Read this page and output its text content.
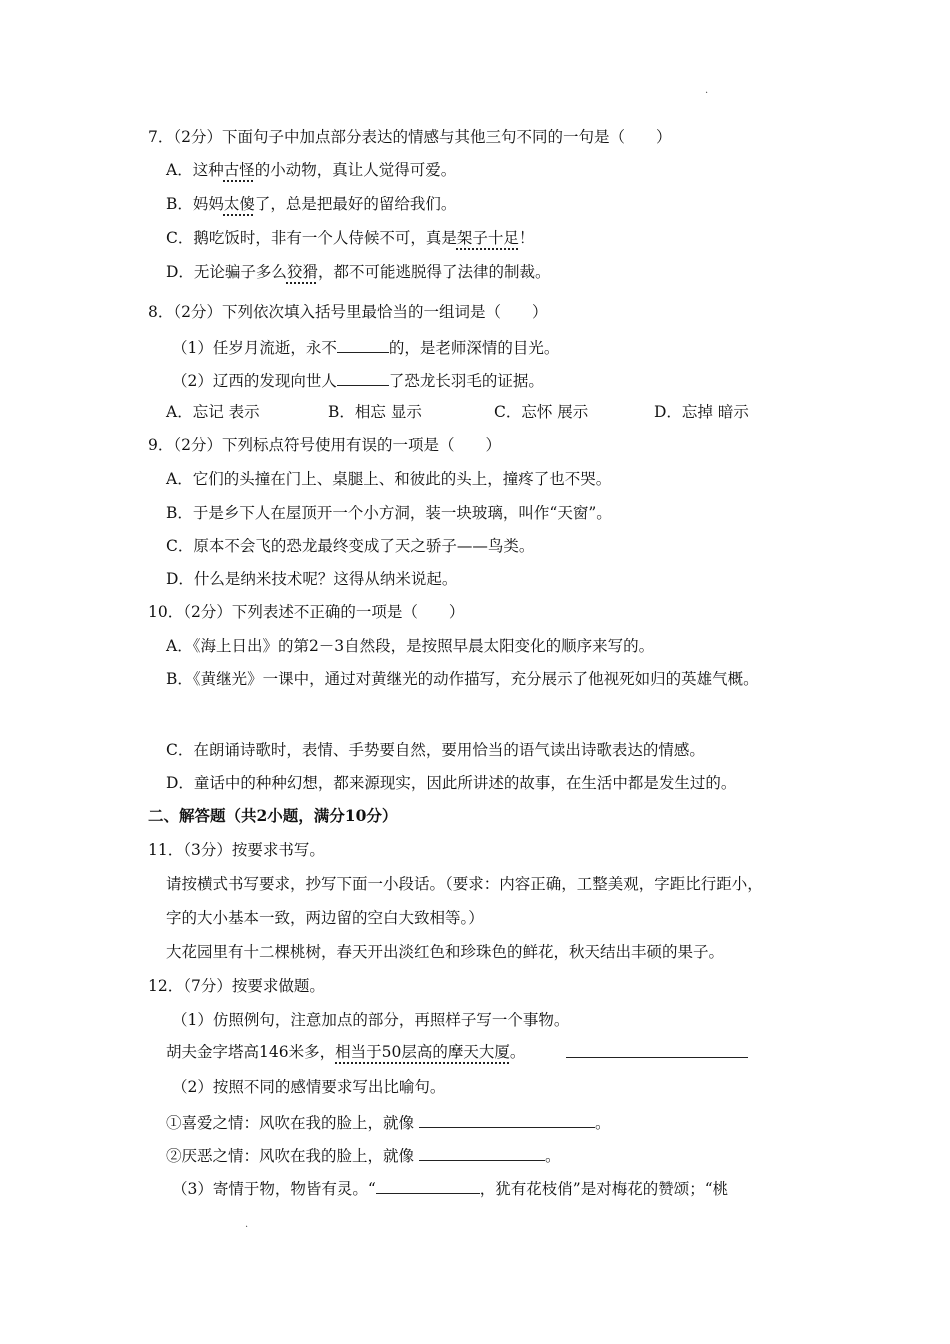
·
·
7．（2分）下面句子中加点部分表达的情感与其他三句不同的一句是（　　）
A．这种古怪的小动物，真让人觉得可爱。
B．妈妈太傻了，总是把最好的留给我们。
C．鹅吃饭时，非有一个人侍候不可，真是架子十足！
D．无论骗子多么狡猾，都不可能逃脱得了法律的制裁。
8．（2分）下列依次填入括号里最恰当的一组词是（　　）
（1）任岁月流逝，永不	的，是老师深情的目光。
（2）辽西的发现向世人	了恐龙长羽毛的证据。
A．忘记 表示	B．相忘 显示	C．忘怀 展示	D．忘掉 暗示
9．（2分）下列标点符号使用有误的一项是（　　）
A．它们的头撞在门上、桌腿上、和彼此的头上，撞疼了也不哭。
B．于是乡下人在屋顶开一个小方洞，装一块玻璃，叫作“天窗”。
C．原本不会飞的恐龙最终变成了天之骄子——鸟类。
D．什么是纳米技术呢？这得从纳米说起。
10．（2分）下列表述不正确的一项是（　　）
A．《海上日出》的第2－3自然段，是按照早晨太阳变化的顺序来写的。
B．《黄继光》一课中，通过对黄继光的动作描写，充分展示了他视死如归的英雄气概。
C．在朗诵诗歌时，表情、手势要自然，要用恰当的语气读出诗歌表达的情感。
D．童话中的种种幻想，都来源现实，因此所讲述的故事，在生活中都是发生过的。
二、解答题（共2小题，满分10分）
11．（3分）按要求书写。
请按横式书写要求，抄写下面一小段话。（要求：内容正确，工整美观，字距比行距小，
字的大小基本一致，两边留的空白大致相等。）
大花园里有十二棵桃树，春天开出淡红色和珍珠色的鲜花，秋天结出丰硕的果子。
12．（7分）按要求做题。
（1）仿照例句，注意加点的部分，再照样子写一个事物。
胡夫金字塔高146米多，相当于50层高的摩天大厦。
（2）按照不同的感情要求写出比喻句。
①喜爱之情：风吹在我的脸上，就像	。
②厌恶之情：风吹在我的脸上，就像	。
（3）寄情于物，物皆有灵。“	，犹有花枝俏”是对梅花的赞颂；“桃
